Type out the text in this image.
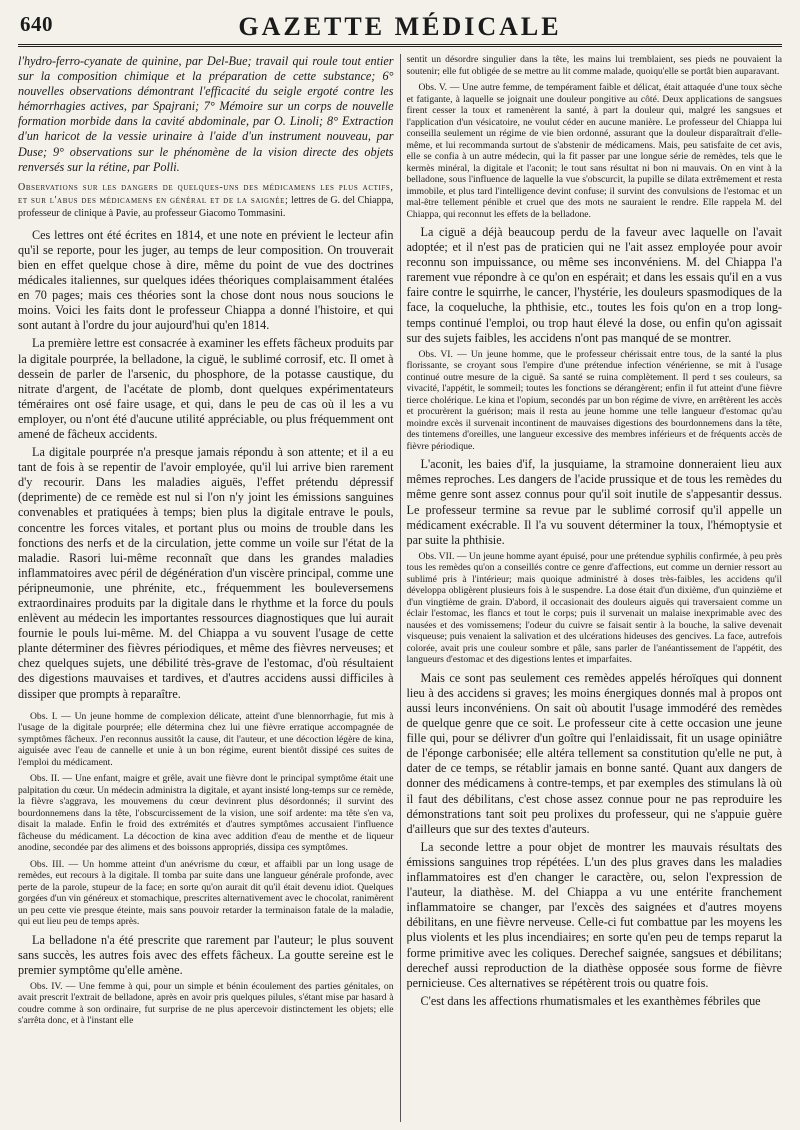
640	GAZETTE MÉDICALE

l'hydro-ferro-cyanate de quinine, par Del-Bue; travail qui roule tout entier sur la composition chimique et la préparation de cette substance; 6° nouvelles observations démontrant l'efficacité du seigle ergoté contre les hémorrhagies actives, par Spajrani; 7° Mémoire sur un corps de nouvelle formation morbide dans la cavité abdominale, par O. Linoli; 8° Extraction d'un haricot de la vessie urinaire à l'aide d'un instrument nouveau, par Duse; 9° observations sur le phénomène de la vision directe des objets renversés sur la rétine, par Polli.

Observations sur les dangers de quelques-uns des médicamens les plus actifs, et sur l'abus des médicamens en général et de la saignée; lettres de G. del Chiappa, professeur de clinique à Pavie, au professeur Giacomo Tommasini.

Ces lettres ont été écrites en 1814, et une note en prévient le lecteur afin qu'il se reporte, pour les juger, au temps de leur composition. On trouverait bien en effet quelque chose à dire, même du point de vue des doctrines médicales italiennes, sur quelques idées théoriques complaisamment étalées en 70 pages; mais ces théories sont la chose dont nous nous soucions le moins. Voici les faits dont le professeur Chiappa a donné l'histoire, et qui sont autant à l'ordre du jour aujourd'hui qu'en 1814.

La première lettre est consacrée à examiner les effets fâcheux produits par la digitale pourprée, la belladone, la ciguë, le sublimé corrosif, etc. Il omet à dessein de parler de l'arsenic, du phosphore, de la potasse caustique, du nitrate d'argent, de l'acétate de plomb, dont quelques expérimentateurs téméraires ont osé faire usage, et qui, dans le peu de cas où il les a vu employer, ou n'ont été d'aucune utilité appréciable, ou plus fréquemment ont amené de fâcheux accidents.

La digitale pourprée n'a presque jamais répondu à son attente; et il a eu tant de fois à se repentir de l'avoir employée, qu'il lui arrive bien rarement d'y recourir. Dans les maladies aiguës, l'effet prétendu dépressif (deprimente) de ce remède est nul si l'on n'y joint les émissions sanguines convenables et pratiquées à temps; bien plus la digitale entrave le pouls, concentre les forces vitales, et portant plus ou moins de trouble dans les fonctions des nerfs et de la circulation, jette comme un voile sur l'état de la maladie. Rasori lui-même reconnaît que dans les grandes maladies inflammatoires avec péril de dégénération d'un viscère principal, comme une péripneumonie, une phrénite, etc., fréquemment les bouleversemens extraordinaires produits par la digitale dans le rhythme et la force du pouls enlèvent au médecin les importantes ressources diagnostiques que lui aurait fournie le pouls lui-même. M. del Chiappa a vu souvent l'usage de cette plante déterminer des fièvres périodiques, et même des fièvres nerveuses; et chez quelques sujets, une débilité très-grave de l'estomac, d'où résultaient des digestions mauvaises et tardives, et d'autres accidens aussi difficiles à dissiper que prompts à reparaître.

Obs. I. — Un jeune homme de complexion délicate, atteint d'une blennorrhagie, fut mis à l'usage de la digitale pourprée; elle détermina chez lui une fièvre erratique accompagnée de symptômes fâcheux. J'en reconnus aussitôt la cause, dit l'auteur, et une décoction légère de kina, aiguisée avec l'eau de cannelle et unie à un bon régime, eurent bientôt dissipé ces suites de l'emploi du médicament.

Obs. II. — Une enfant, maigre et grêle, avait une fièvre dont le principal symptôme était une palpitation du cœur. Un médecin administra la digitale, et ayant insisté long-temps sur ce remède, la fièvre s'aggrava, les mouvemens du cœur devinrent plus désordonnés; il survint des bourdonnemens dans la tête, l'obscurcissement de la vision, une soif ardente: ma tête s'en va, disait la malade. Enfin le froid des extrémités et d'autres symptômes accusaient l'influence fâcheuse du médicament. La décoction de kina avec addition d'eau de menthe et de liqueur anodine, secondée par des alimens et des boissons appropriés, dissipa ces symptômes.

Obs. III. — Un homme atteint d'un anévrisme du cœur, et affaibli par un long usage de remèdes, eut recours à la digitale. Il tomba par suite dans une langueur générale profonde, avec perte de la parole, stupeur de la face; en sorte qu'on aurait dit qu'il était devenu idiot. Quelques gorgées d'un vin généreux et stomachique, prescrites alternativement avec le chocolat, ranimèrent un peu cette vie presque éteinte, mais sans pouvoir retarder la terminaison fatale de la maladie, qui eut lieu peu de temps après.

La belladone n'a été prescrite que rarement par l'auteur; le plus souvent sans succès, les autres fois avec des effets fâcheux. La goutte sereine est le premier symptôme qu'elle amène.

Obs. IV. — Une femme à qui, pour un simple et bénin écoulement des parties génitales, on avait prescrit l'extrait de belladone, après en avoir pris quelques pilules, s'étant mise par hasard à coudre comme à son ordinaire, fut surprise de ne plus apercevoir distinctement les objets; elle s'arrêta donc, et à l'instant elle

sentit un désordre singulier dans la tête, les mains lui tremblaient, ses pieds ne pouvaient la soutenir; elle fut obligée de se mettre au lit comme malade, quoiqu'elle se portât bien auparavant.

Obs. V. — Une autre femme, de tempérament faible et délicat, était attaquée d'une toux sèche et fatigante, à laquelle se joignait une douleur pongitive au côté. Deux applications de sangsues firent cesser la toux et ramenèrent la santé, à part la douleur qui, malgré les sangsues et l'application d'un vésicatoire, ne voulut céder en aucune manière. Le professeur del Chiappa lui conseilla seulement un régime de vie bien ordonné, assurant que la douleur disparaîtrait d'elle-même, et lui recommanda surtout de s'abstenir de médicamens. Mais, peu satisfaite de cet avis, elle se confia à un autre médecin, qui la fit passer par une longue série de remèdes, tels que le kermès minéral, la digitale et l'aconit; le tout sans résultat ni bon ni mauvais. On en vint à la belladone, sous l'influence de laquelle la vue s'obscurcit, la pupille se dilata extrêmement et resta immobile, et plus tard l'intelligence devint confuse; il survint des convulsions de l'estomac et un mal-être tellement pénible et cruel que des mots ne sauraient le rendre. Elle rappela M. del Chiappa, qui reconnut les effets de la belladone.

La ciguë a déjà beaucoup perdu de la faveur avec laquelle on l'avait adoptée; et il n'est pas de praticien qui ne l'ait assez employée pour avoir reconnu son impuissance, ou même ses inconvéniens. M. del Chiappa l'a rarement vue répondre à ce qu'on en espérait; et dans les essais qu'il en a vus faire contre le squirrhe, le cancer, l'hystérie, les douleurs spasmodiques de la face, la coqueluche, la phthisie, etc., toutes les fois qu'on en a trop long-temps continué l'emploi, ou trop haut élevé la dose, ou enfin qu'on agissait sur des sujets faibles, les accidens n'ont pas manqué de se montrer.

Obs. VI. — Un jeune homme, que le professeur chérissait entre tous, de la santé la plus florissante, se croyant sous l'empire d'une prétendue infection vénérienne, se mit à l'usage continué outre mesure de la ciguë. Sa santé se ruina complètement. Il perd t ses couleurs, sa vivacité, l'appétit, le sommeil; toutes les fonctions se dérangèrent; enfin il fut atteint d'une fièvre tierce cholérique. Le kina et l'opium, secondés par un bon régime de vivre, en arrêtèrent les accès et procurèrent la guérison; mais il resta au jeune homme une telle langueur d'estomac qu'au moindre excès il survenait incontinent de mauvaises digestions des bourdonnemens dans la tête, des tintemens d'oreilles, une langueur excessive des membres inférieurs et de fréquents accès de fièvre périodique.

L'aconit, les baies d'if, la jusquiame, la stramoine donneraient lieu aux mêmes reproches. Les dangers de l'acide prussique et de tous les remèdes du même genre sont assez connus pour qu'il soit inutile de s'appesantir dessus. Le professeur termine sa revue par le sublimé corrosif qu'il appelle un médicament exécrable. Il l'a vu souvent déterminer la toux, l'hémoptysie et par suite la phthisie.

Obs. VII. — Un jeune homme ayant épuisé, pour une prétendue syphilis confirmée, à peu près tous les remèdes qu'on a conseillés contre ce genre d'affections, eut comme un dernier ressort au sublimé pris à l'intérieur; mais quoique administré à doses très-faibles, les accidens qu'il développa obligèrent plusieurs fois à le suspendre. La dose était d'un dixième, d'un quinzième et d'un vingtième de grain. D'abord, il occasionait des douleurs aiguës qui traversaient comme un éclair l'estomac, les flancs et tout le corps; puis il survenait un malaise inexprimable avec des nausées et des vomissemens; l'odeur du cuivre se faisait sentir à la bouche, la salive devenait visqueuse; puis venaient la salivation et des ulcérations hideuses des gencives. La face, autrefois colorée, avait pris une couleur sombre et pâle, sans parler de l'anéantissement de l'appétit, des langueurs d'estomac et des digestions lentes et imparfaites.

Mais ce sont pas seulement ces remèdes appelés héroïques qui donnent lieu à des accidens si graves; les moins énergiques donnés mal à propos ont aussi leurs inconvéniens. On sait où aboutit l'usage immodéré des remèdes de quelque genre que ce soit. Le professeur cite à cette occasion une jeune fille qui, pour se délivrer d'un goître qui l'enlaidissait, fit un usage opiniâtre de l'éponge carbonisée; elle altéra tellement sa constitution qu'elle ne put, à dater de ce temps, se rétablir jamais en bonne santé. Quant aux dangers de donner des médicamens à contre-temps, et par exemples des stimulans là où il faut des débilitans, c'est chose assez connue pour ne pas reproduire les démonstrations tant soit peu prolixes du professeur, qui ne s'appuie guère d'ailleurs que sur des textes d'auteurs.

La seconde lettre a pour objet de montrer les mauvais résultats des émissions sanguines trop répétées. L'un des plus graves dans les maladies inflammatoires est d'en changer le caractère, ou, selon l'expression de l'auteur, la diathèse. M. del Chiappa a vu une entérite franchement inflammatoire se changer, par l'excès des saignées et d'autres moyens débilitans, en une fièvre nerveuse. Celle-ci fut combattue par les moyens les plus violents et les plus incendiaires; en sorte qu'en peu de temps reparut la forme primitive avec les coliques. Derechef saignée, sangsues et débilitans; derechef aussi reproduction de la diathèse opposée sous forme de fièvre pernicieuse. Ces alternatives se répétèrent trois ou quatre fois.

C'est dans les affections rhumatismales et les exanthèmes fébriles que
